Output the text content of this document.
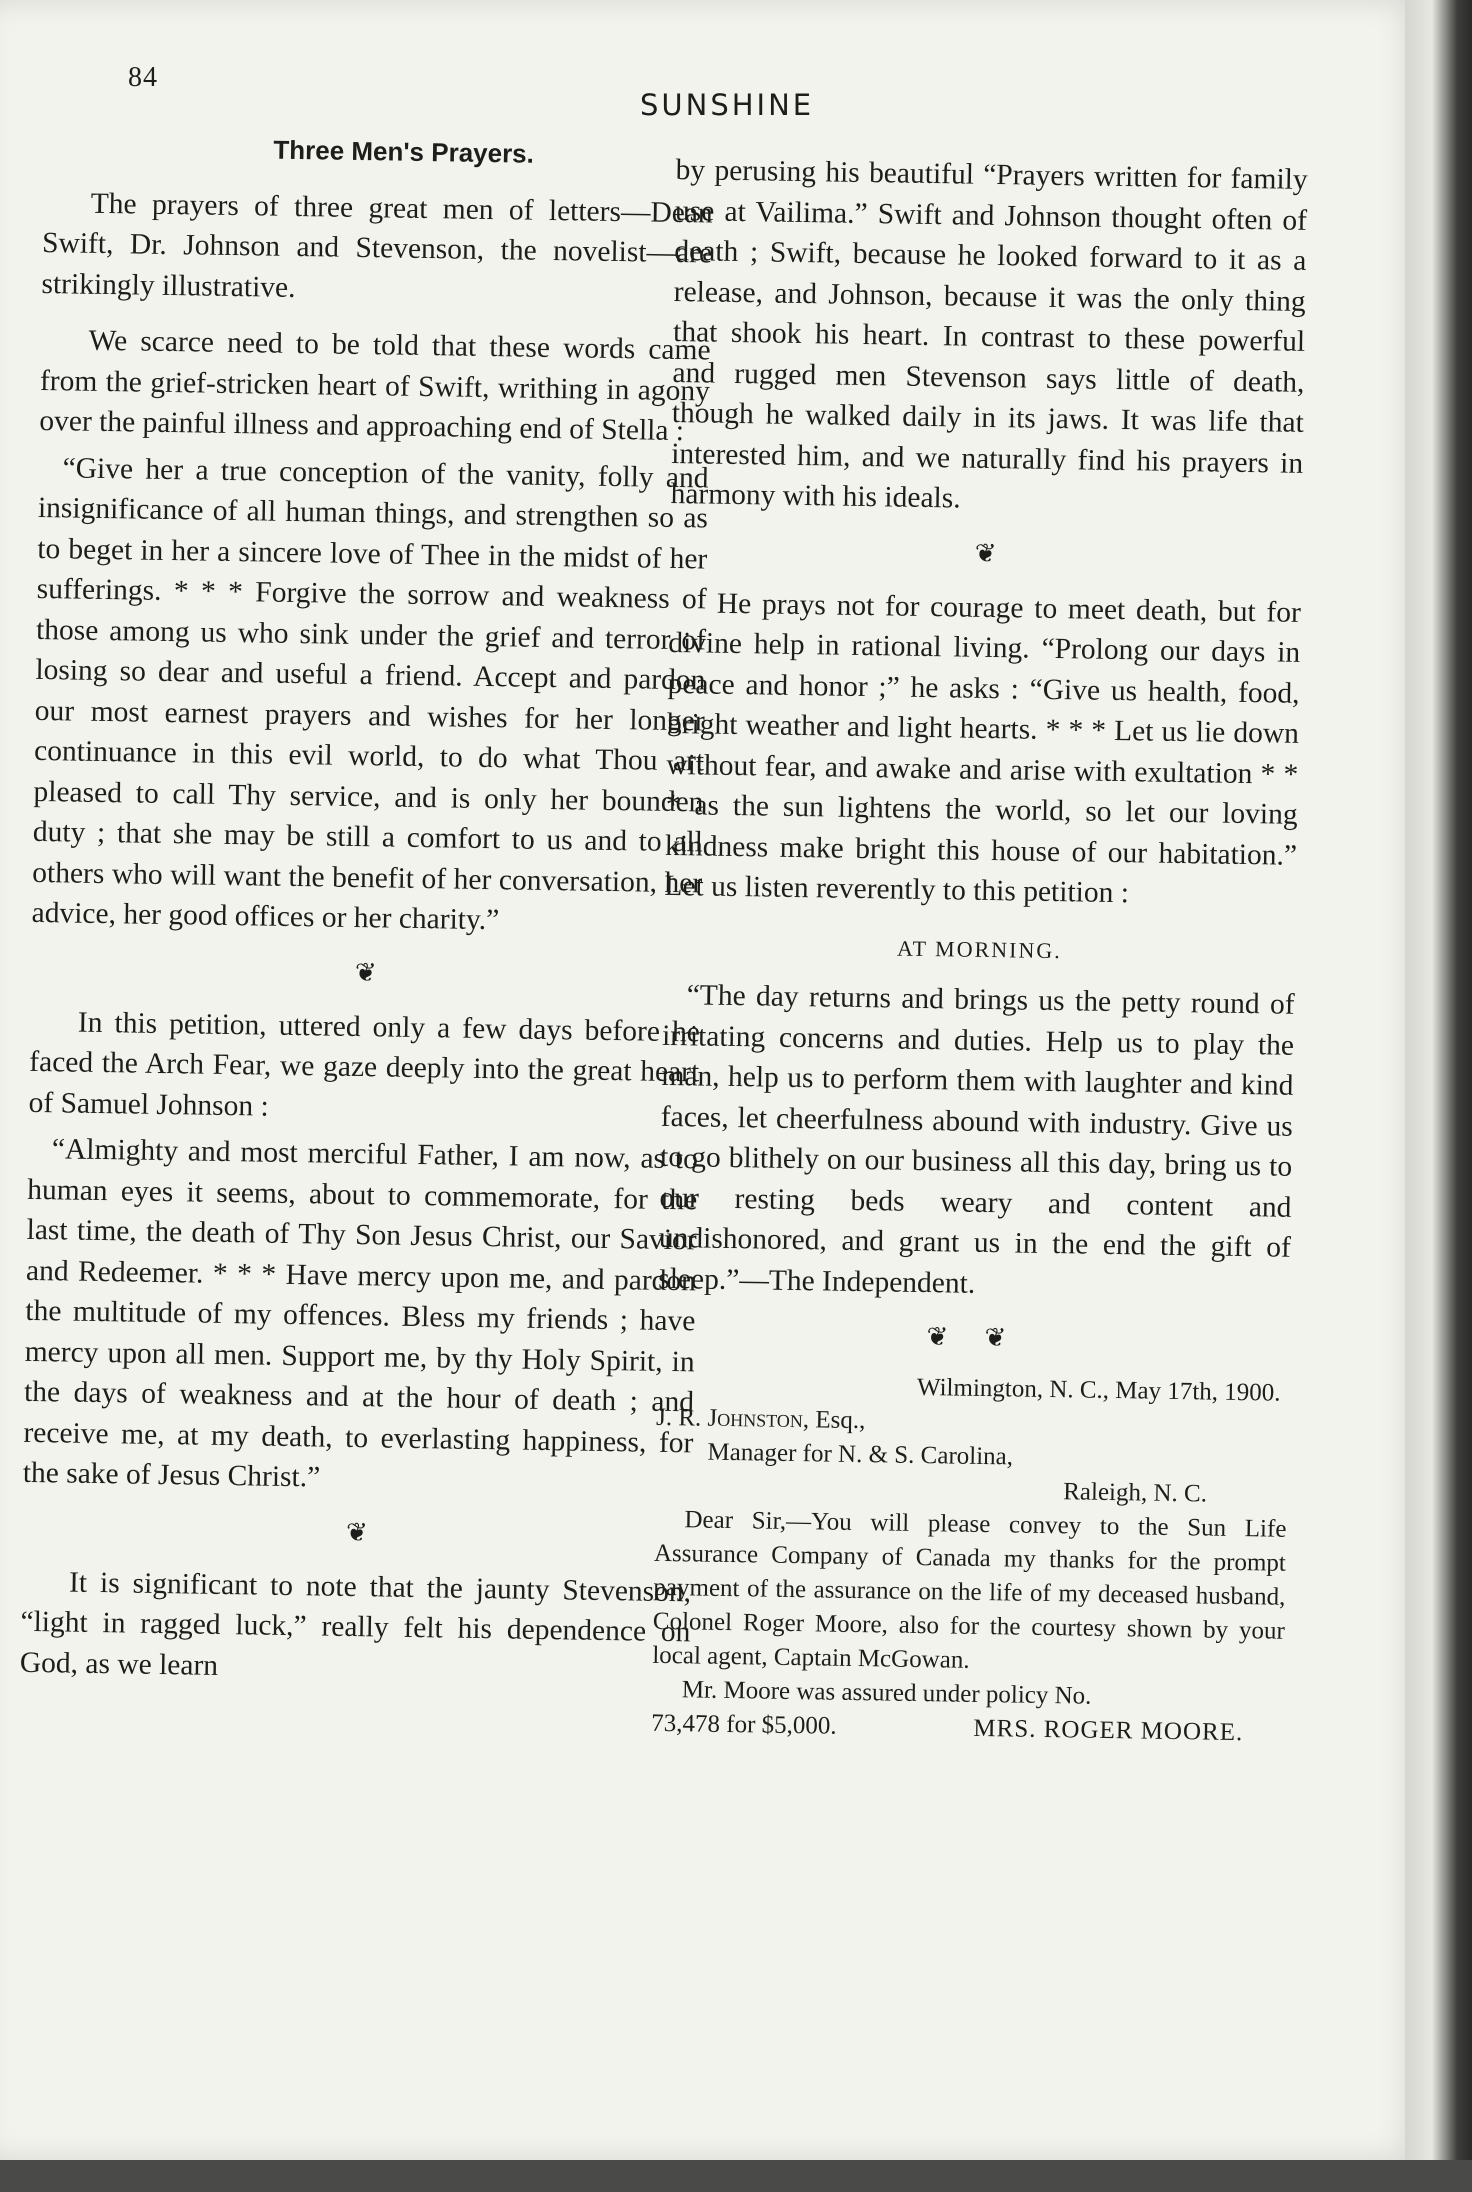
84
SUNSHINE

Three Men's Prayers.

The prayers of three great men of letters—Dean Swift, Dr. Johnson and Stevenson, the novelist—are strikingly illustrative.

We scarce need to be told that these words came from the grief-stricken heart of Swift, writhing in agony over the painful illness and approaching end of Stella :

“Give her a true conception of the vanity, folly and insignificance of all human things, and strengthen so as to beget in her a sincere love of Thee in the midst of her sufferings. * * * Forgive the sorrow and weakness of those among us who sink under the grief and terror of losing so dear and useful a friend. Accept and pardon our most earnest prayers and wishes for her longer continuance in this evil world, to do what Thou art pleased to call Thy service, and is only her bounden duty ; that she may be still a comfort to us and to all others who will want the benefit of her conversation, her advice, her good offices or her charity.”

❦

In this petition, uttered only a few days before he faced the Arch Fear, we gaze deeply into the great heart of Samuel Johnson :

“Almighty and most merciful Father, I am now, as to human eyes it seems, about to commemorate, for the last time, the death of Thy Son Jesus Christ, our Savior and Redeemer. * * * Have mercy upon me, and pardon the multitude of my offences. Bless my friends ; have mercy upon all men. Support me, by thy Holy Spirit, in the days of weakness and at the hour of death ; and receive me, at my death, to everlasting happiness, for the sake of Jesus Christ.”

❦

It is significant to note that the jaunty Stevenson, “light in ragged luck,” really felt his dependence on God, as we learn

by perusing his beautiful “Prayers written for family use at Vailima.” Swift and Johnson thought often of death ; Swift, because he looked forward to it as a release, and Johnson, because it was the only thing that shook his heart. In contrast to these powerful and rugged men Stevenson says little of death, though he walked daily in its jaws. It was life that interested him, and we naturally find his prayers in harmony with his ideals.

❦

He prays not for courage to meet death, but for divine help in rational living. “Prolong our days in peace and honor ;” he asks : “Give us health, food, bright weather and light hearts. * * * Let us lie down without fear, and awake and arise with exultation * * * as the sun lightens the world, so let our loving kindness make bright this house of our habitation.” Let us listen reverently to this petition :

AT MORNING.

“The day returns and brings us the petty round of irritating concerns and duties. Help us to play the man, help us to perform them with laughter and kind faces, let cheerfulness abound with industry. Give us to go blithely on our business all this day, bring us to our resting beds weary and content and undishonored, and grant us in the end the gift of sleep.”—The Independent.

❦ ❦

Wilmington, N. C., May 17th, 1900.

J. R. Johnston, Esq.,

Manager for N. & S. Carolina,

Raleigh, N. C.

Dear Sir,—You will please convey to the Sun Life Assurance Company of Canada my thanks for the prompt payment of the assurance on the life of my deceased husband, Colonel Roger Moore, also for the courtesy shown by your local agent, Captain McGowan.

Mr. Moore was assured under policy No.

73,478 for $5,000.	MRS. ROGER MOORE.
